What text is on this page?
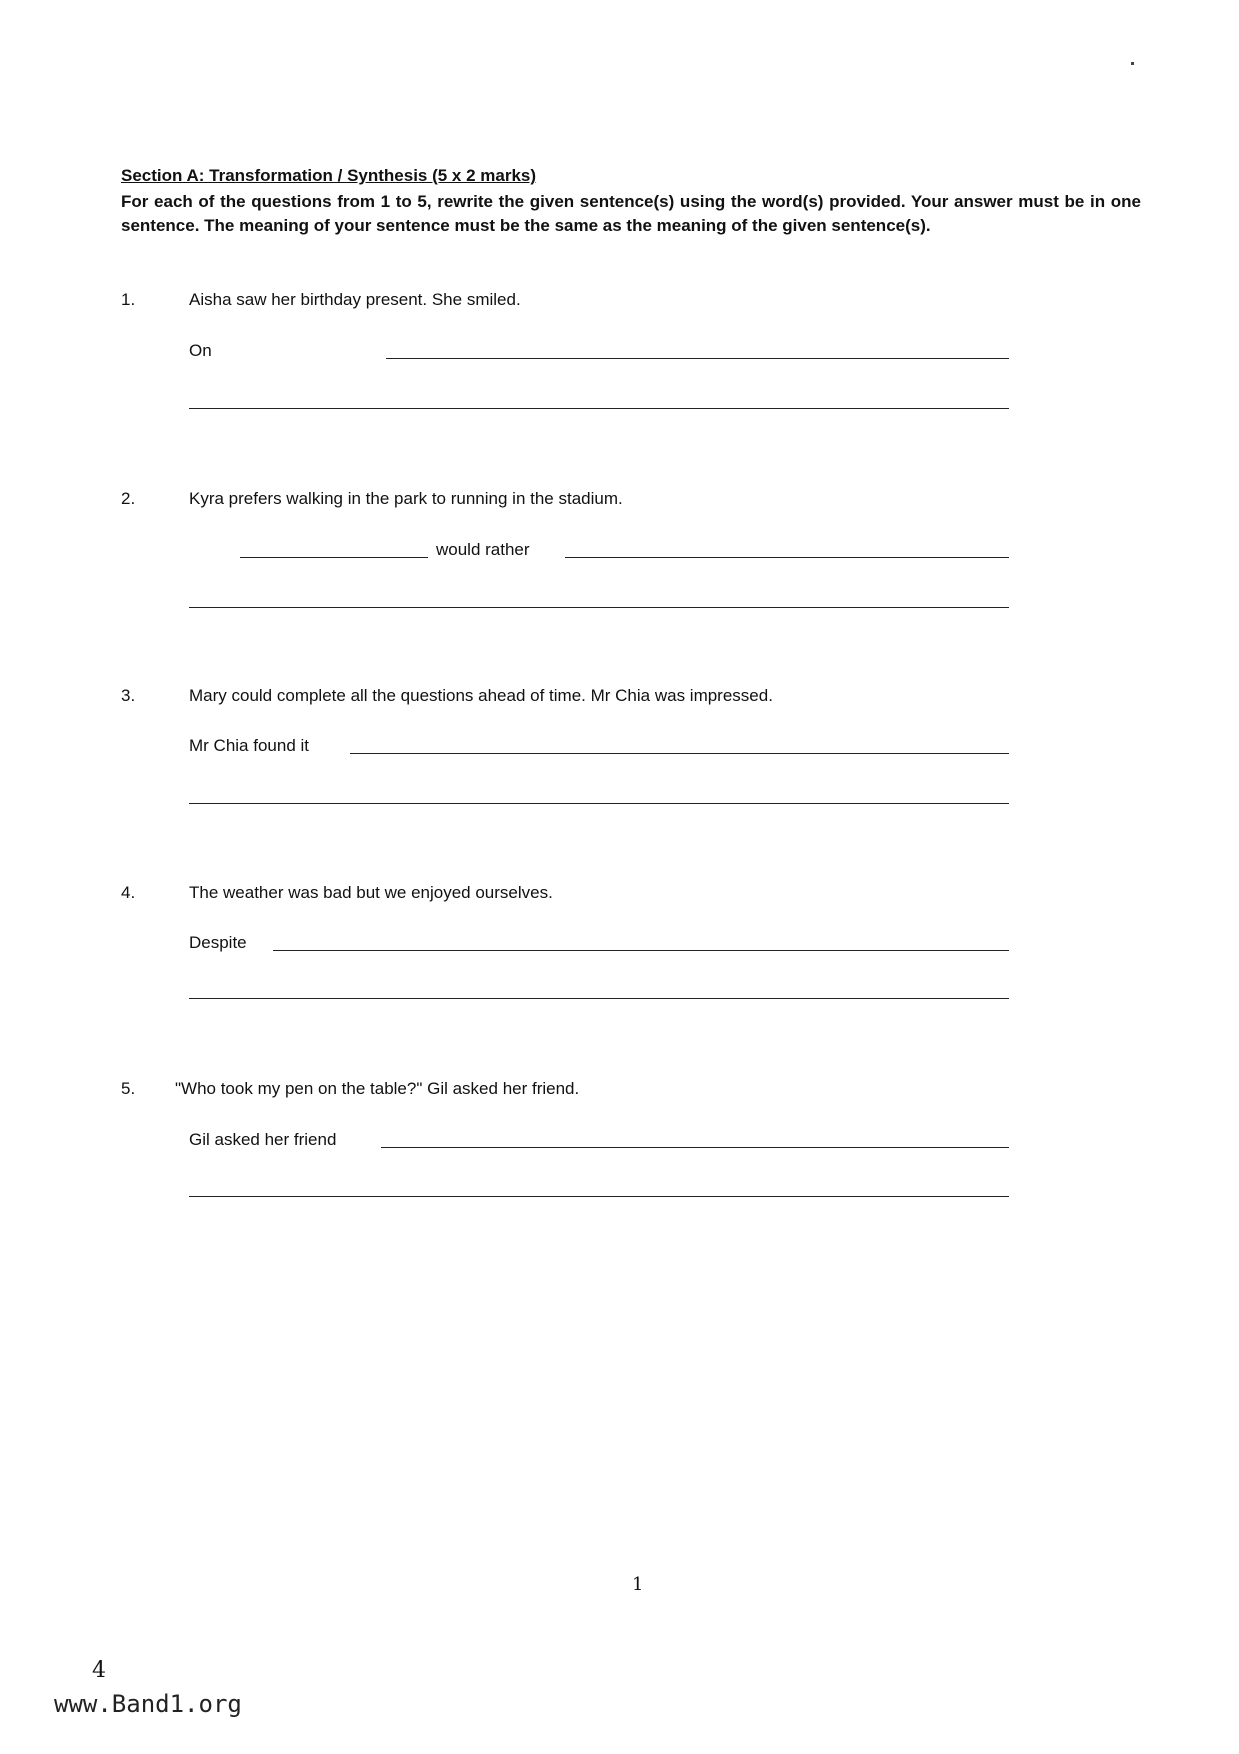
Section A: Transformation / Synthesis (5 x 2 marks)
For each of the questions from 1 to 5, rewrite the given sentence(s) using the word(s) provided. Your answer must be in one sentence. The meaning of your sentence must be the same as the meaning of the given sentence(s).
1.	Aisha saw her birthday present. She smiled.
On
2.	Kyra prefers walking in the park to running in the stadium.
would rather
3.	Mary could complete all the questions ahead of time. Mr Chia was impressed.
Mr Chia found it
4.	The weather was bad but we enjoyed ourselves.
Despite
5. "Who took my pen on the table?" Gil asked her friend.
Gil asked her friend
1
4
www.Band1.org
